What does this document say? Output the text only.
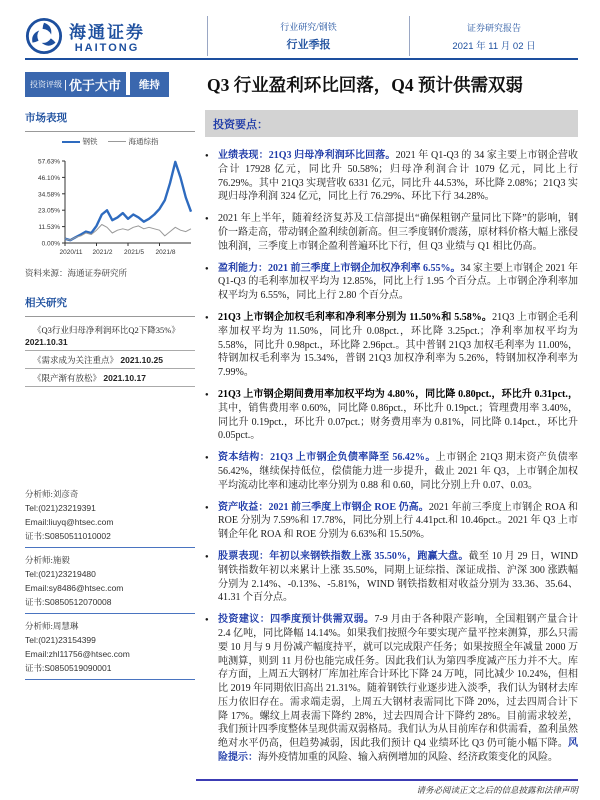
海通证券
HAITONG
行业研究/钢铁
行业季报
证券研究报告
2021 年 11 月 02 日
投资评级 | 优于大市	维持	Q3 行业盈利环比回落，Q4 预计供需双弱
市场表现
钢铁	海通综指
57.63%
46.10%
34.58%
23.05%
11.53%
0.00%
2020/11 2021/2 2021/5 2021/8
资料来源：海通证券研究所
相关研究
《Q3行业归母净利润环比Q2下降35%》 2021.10.31
《需求成为关注重点》 2021.10.25
《限产渐有放松》 2021.10.17
分析师:刘彦奇
Tel:(021)23219391
Email:liuyq@htsec.com
证书:S0850511010002
分析师:施毅
Tel:(021)23219480
Email:sy8486@htsec.com
证书:S0850512070008
分析师:周慧琳
Tel:(021)23154399
Email:zhl11756@htsec.com
证书:S0850519090001
投资要点：
● 业绩表现：21Q3 归母净利润环比回落。2021 年 Q1-Q3 的 34 家主要上市钢企营收合计 17928 亿元，同比升 50.58%；归母净利润合计 1079 亿元，同比上行 76.29%。其中 21Q3 实现营收 6331 亿元，同比升 44.53%，环比降 2.08%；21Q3 实现归母净利润 324 亿元，同比上行 76.29%、环比下行 34.28%。
● 2021 年上半年，随着经济复苏及工信部提出“确保粗钢产量同比下降”的影响，钢价一路走高，带动钢企盈利续创新高。但三季度钢价震荡，原材料价格大幅上涨侵蚀利润，三季度上市钢企盈利普遍环比下行，但 Q3 业绩与 Q1 相比仍高。
● 盈利能力：2021 前三季度上市钢企加权净利率 6.55%。34 家主要上市钢企 2021 年 Q1-Q3 的毛利率加权平均为 12.85%，同比上行 1.95 个百分点。上市钢企净利率加权平均为 6.55%，同比上行 2.80 个百分点。
● 21Q3 上市钢企加权毛利率和净利率分别为 11.50%和 5.58%。21Q3 上市钢企毛利率加权平均为 11.50%，同比升 0.08pct.，环比降 3.25pct.；净利率加权平均为 5.58%，同比升 0.98pct.，环比降 2.96pct.。其中普钢 21Q3 加权毛利率为 11.00%，特钢加权毛利率为 15.34%，普钢 21Q3 加权净利率为 5.26%，特钢加权净利率为 7.99%。
● 21Q3 上市钢企期间费用率加权平均为 4.80%，同比降 0.80pct.，环比升 0.31pct.，其中，销售费用率 0.60%，同比降 0.86pct.，环比升 0.19pct.；管理费用率 3.40%，同比升 0.19pct.，环比升 0.07pct.；财务费用率为 0.81%，同比降 0.14pct.，环比升 0.05pct.。
● 资本结构：21Q3 上市钢企负债率降至 56.42%。上市钢企 21Q3 期末资产负债率 56.42%，继续保持低位，偿债能力进一步提升，截止 2021 年 Q3，上市钢企加权平均流动比率和速动比率分别为 0.88 和 0.60，同比分别上升 0.07、0.03。
● 资产收益：2021 前三季度上市钢企 ROE 仍高。2021 年前三季度上市钢企 ROA 和 ROE 分别为 7.59%和 17.78%，同比分别上行 4.41pct.和 10.46pct.。2021 年 Q3 上市钢企年化 ROA 和 ROE 分别为 6.63%和 15.50%。
● 股票表现：年初以来钢铁指数上涨 35.50%，跑赢大盘。截至 10 月 29 日，WIND 钢铁指数年初以来累计上涨 35.50%，同期上证综指、深证成指、沪深 300 涨跌幅分别为 2.14%、-0.13%、-5.81%，WIND 钢铁指数相对收益分别为 33.36、35.64、41.31 个百分点。
● 投资建议：四季度预计供需双弱。7-9 月由于各种限产影响，全国粗钢产量合计 2.4 亿吨，同比降幅 14.14%。如果我们按照今年要实现产量平控来测算，那么只需要 10 月与 9 月份减产幅度持平，就可以完成限产任务；如果按照全年减量 2000 万吨测算，则到 11 月份也能完成任务。因此我们认为第四季度减产压力并不大。库存方面，上周五大钢材厂库加社库合计环比下降 24 万吨，同比减少 10.24%，但相比 2019 年同期依旧高出 21.31%。随着钢铁行业逐步进入淡季，我们认为钢材去库压力依旧存在。需求端走弱，上周五大钢材表需同比下降 20%，过去四周合计下降 17%。螺纹上周表需下降约 28%，过去四周合计下降约 28%。目前需求较差，我们预计四季度整体呈现供需双弱格局。我们认为从目前库存和供需看，盈利虽然绝对水平仍高，但趋势减弱，因此我们预计 Q4 业绩环比 Q3 仍可能小幅下降。风险提示：海外疫情加重的风险、输入病例增加的风险、经济政策变化的风险。
请务必阅读正文之后的信息披露和法律声明
